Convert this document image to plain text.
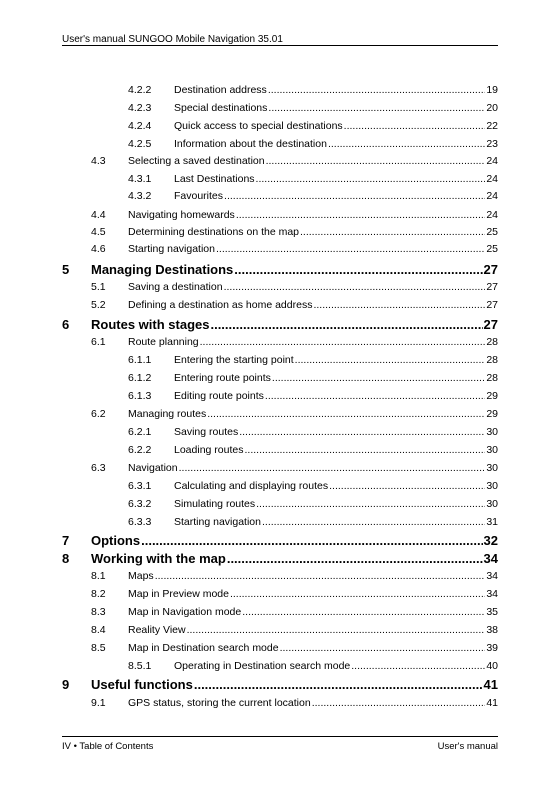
User's manual SUNGOO Mobile Navigation 35.01
4.2.2 Destination address .....	19
4.2.3 Special destinations .....	20
4.2.4 Quick access to special destinations .....	22
4.2.5 Information about the destination .....	23
4.3 Selecting a saved destination .....	24
4.3.1 Last Destinations .....	24
4.3.2 Favourites .....	24
4.4 Navigating homewards .....	24
4.5 Determining destinations on the map .....	25
4.6 Starting navigation .....	25
5 Managing Destinations .....	27
5.1 Saving a destination .....	27
5.2 Defining a destination as home address .....	27
6 Routes with stages .....	27
6.1 Route planning .....	28
6.1.1 Entering the starting point .....	28
6.1.2 Entering route points .....	28
6.1.3 Editing route points .....	29
6.2 Managing routes .....	29
6.2.1 Saving routes .....	30
6.2.2 Loading routes .....	30
6.3 Navigation .....	30
6.3.1 Calculating and displaying routes .....	30
6.3.2 Simulating routes .....	30
6.3.3 Starting navigation .....	31
7 Options .....	32
8 Working with the map .....	34
8.1 Maps .....	34
8.2 Map in Preview mode .....	34
8.3 Map in Navigation mode .....	35
8.4 Reality View .....	38
8.5 Map in Destination search mode .....	39
8.5.1 Operating in Destination search mode .....	40
9 Useful functions .....	41
9.1 GPS status, storing the current location .....	41
IV • Table of Contents	User's manual
